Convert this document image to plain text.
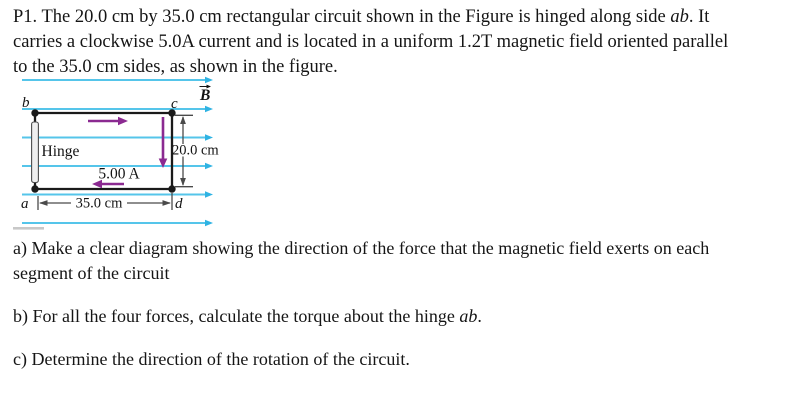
P1. The 20.0 cm by 35.0 cm rectangular circuit shown in the Figure is hinged along side ab. It
carries a clockwise 5.0A current and is located in a uniform 1.2T magnetic field oriented parallel
to the 35.0 cm sides, as shown in the figure.
B
Hinge
b	c
a	d
5.00 A
20.0 cm
35.0 cm
a) Make a clear diagram showing the direction of the force that the magnetic field exerts on each
segment of the circuit
b) For all the four forces, calculate the torque about the hinge ab.
c) Determine the direction of the rotation of the circuit.
